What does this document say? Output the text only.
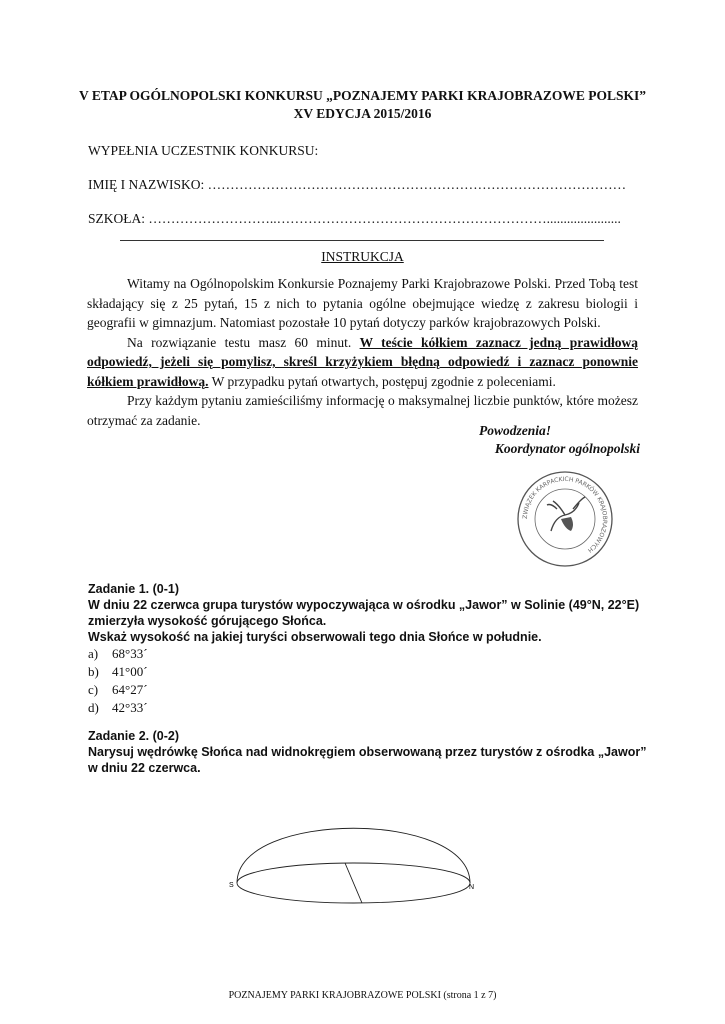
V ETAP OGÓLNOPOLSKI KONKURSU „POZNAJEMY PARKI KRAJOBRAZOWE POLSKI”
XV EDYCJA 2015/2016
WYPEŁNIA UCZESTNIK KONKURSU:
IMIĘ I NAZWISKO: …………………………………………………………………………………
SZKOŁA: ………………………..……………………………………………………......................
INSTRUKCJA

Witamy na Ogólnopolskim Konkursie Poznajemy Parki Krajobrazowe Polski. Przed Tobą test składający się z 25 pytań, 15 z nich to pytania ogólne obejmujące wiedzę z zakresu biologii i geografii w gimnazjum. Natomiast pozostałe 10 pytań dotyczy parków krajobrazowych Polski.

Na rozwiązanie testu masz 60 minut. W teście kółkiem zaznacz jedną prawidłową odpowiedź, jeżeli się pomylisz, skreśl krzyżykiem błędną odpowiedź i zaznacz ponownie kółkiem prawidłową. W przypadku pytań otwartych, postępuj zgodnie z poleceniami.

Przy każdym pytaniu zamieściliśmy informację o maksymalnej liczbie punktów, które możesz otrzymać za zadanie.

Powodzenia!
Koordynator ogólnopolski
ZWIĄZEK KARPACKICH PARKÓW KRAJOBRAZOWYCH
Zadanie 1. (0-1)
W dniu 22 czerwca grupa turystów wypoczywająca w ośrodku „Jawor” w Solinie (49°N, 22°E) zmierzyła wysokość górującego Słońca.
Wskaż wysokość na jakiej turyści obserwowali tego dnia Słońce w południe.
a) 68°33´
b) 41°00´
c) 64°27´
d) 42°33´
Zadanie 2. (0-2)
Narysuj wędrówkę Słońca nad widnokręgiem obserwowaną przez turystów z ośrodka „Jawor” w dniu 22 czerwca.
S	N
POZNAJEMY PARKI KRAJOBRAZOWE POLSKI (strona 1 z 7)
